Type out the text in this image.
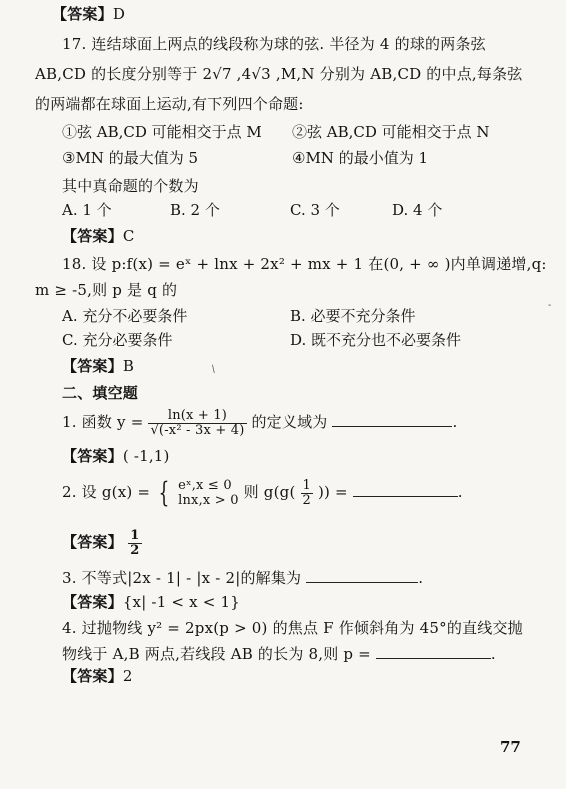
【答案】D
17. 连结球面上两点的线段称为球的弦. 半径为 4 的球的两条弦
AB,CD 的长度分别等于 2√7 ,4√3 ,M,N 分别为 AB,CD 的中点,每条弦
的两端都在球面上运动,有下列四个命题:
①弦 AB,CD 可能相交于点 M ②弦 AB,CD 可能相交于点 N
③MN 的最大值为 5	④MN 的最小值为 1
其中真命题的个数为
A. 1 个	B. 2 个	C. 3 个	D. 4 个
【答案】C
18. 设 p:f(x) = eˣ + lnx + 2x² + mx + 1 在(0, + ∞ )内单调递增,q:
m ≥ -5,则 p 是 q 的
A. 充分不必要条件	B. 必要不充分条件
C. 充分必要条件	D. 既不充分也不必要条件
【答案】B
二、填空题
1. 函数 $y = \frac{\ln(x + 1)}{\text{√(-x² - 3x + 4)}}$ 的定义域为	.
【答案】( -1,1)
2. 设 g(x) = { eˣ,x ≤ 0
lnx,x > 0 则 $g(g( \frac{1}{2}$ )) =	.
【答案】 $\frac{1}{2}$
3. 不等式|2x - 1| - |x - 2|的解集为	.
【答案】{x| -1 < x < 1}
4. 过抛物线 y² = 2px(p > 0) 的焦点 F 作倾斜角为 45°的直线交抛
物线于 A,B 两点,若线段 AB 的长为 8,则 p =	.
【答案】2
77
-
/
